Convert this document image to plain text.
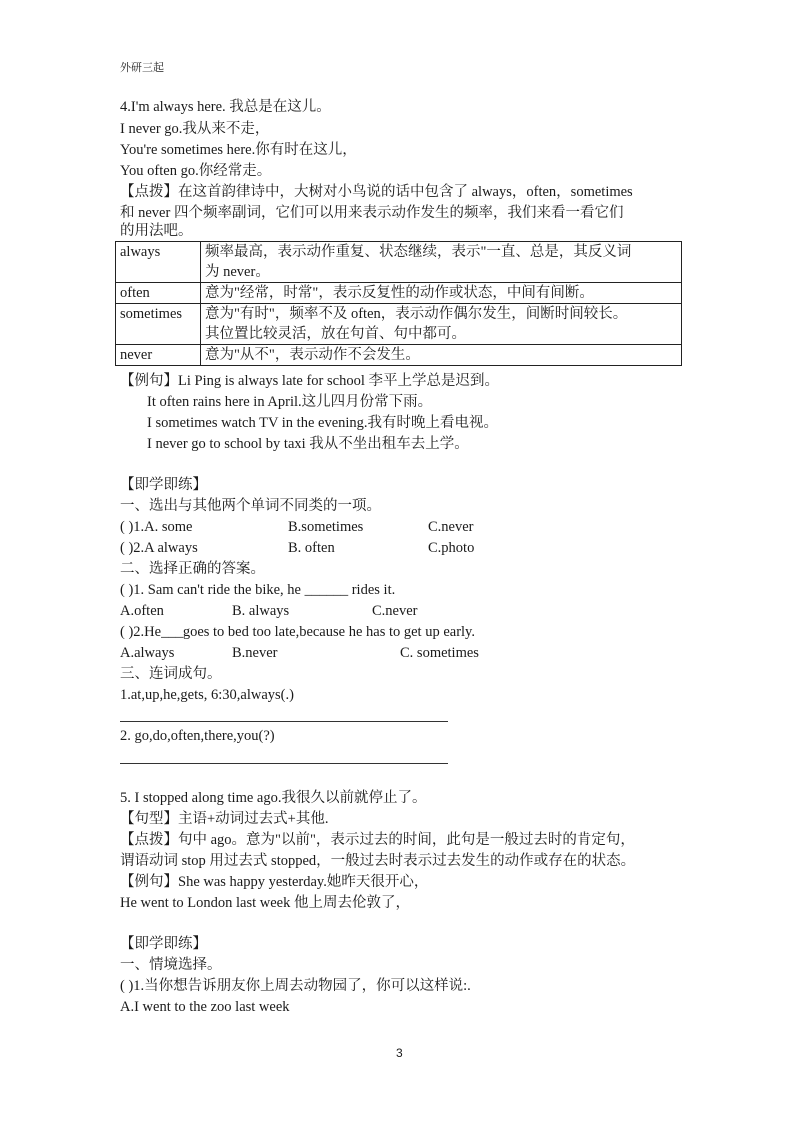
外研三起
4.I'm always here. 我总是在这儿。
I never go.我从来不走，
You're sometimes here.你有时在这儿，
You often go.你经常走。
【点拨】在这首韵律诗中，大树对小鸟说的话中包含了 always，often，sometimes
和 never 四个频率副词，它们可以用来表示动作发生的频率，我们来看一看它们
的用法吧。
always	频率最高，表示动作重复、状态继续，表示"一直、总是，其反义词
为 never。

often	意为"经常，时常"，表示反复性的动作或状态，中间有间断。

sometimes	意为"有时"，频率不及 often，表示动作偶尔发生，间断时间较长。
其位置比较灵活，放在句首、句中都可。

never	意为"从不"，表示动作不会发生。
【例句】Li Ping is always late for school 李平上学总是迟到。
It often rains here in April.这儿四月份常下雨。
I sometimes watch TV in the evening.我有时晚上看电视。
I never go to school by taxi 我从不坐出租车去上学。
【即学即练】
一、选出与其他两个单词不同类的一项。
( )1.A. some	B.sometimes	C.never
( )2.A always	B. often	C.photo
二、选择正确的答案。
( )1. Sam can't ride the bike, he ______ rides it.
A.often	B. always	C.never
( )2.He___goes to bed too late,because he has to get up early.
A.always	B.never	C. sometimes
三、连词成句。
1.at,up,he,gets, 6:30,always(.)
2. go,do,often,there,you(?)
5. I stopped along time ago.我很久以前就停止了。
【句型】主语+动词过去式+其他.
【点拨】句中 ago。意为"以前"，表示过去的时间，此句是一般过去时的肯定句，
谓语动词 stop 用过去式 stopped，一般过去时表示过去发生的动作或存在的状态。
【例句】She was happy yesterday.她昨天很开心，
He went to London last week 他上周去伦敦了，
【即学即练】
一、情境选择。
( )1.当你想告诉朋友你上周去动物园了，你可以这样说:.
A.I went to the zoo last week
3
